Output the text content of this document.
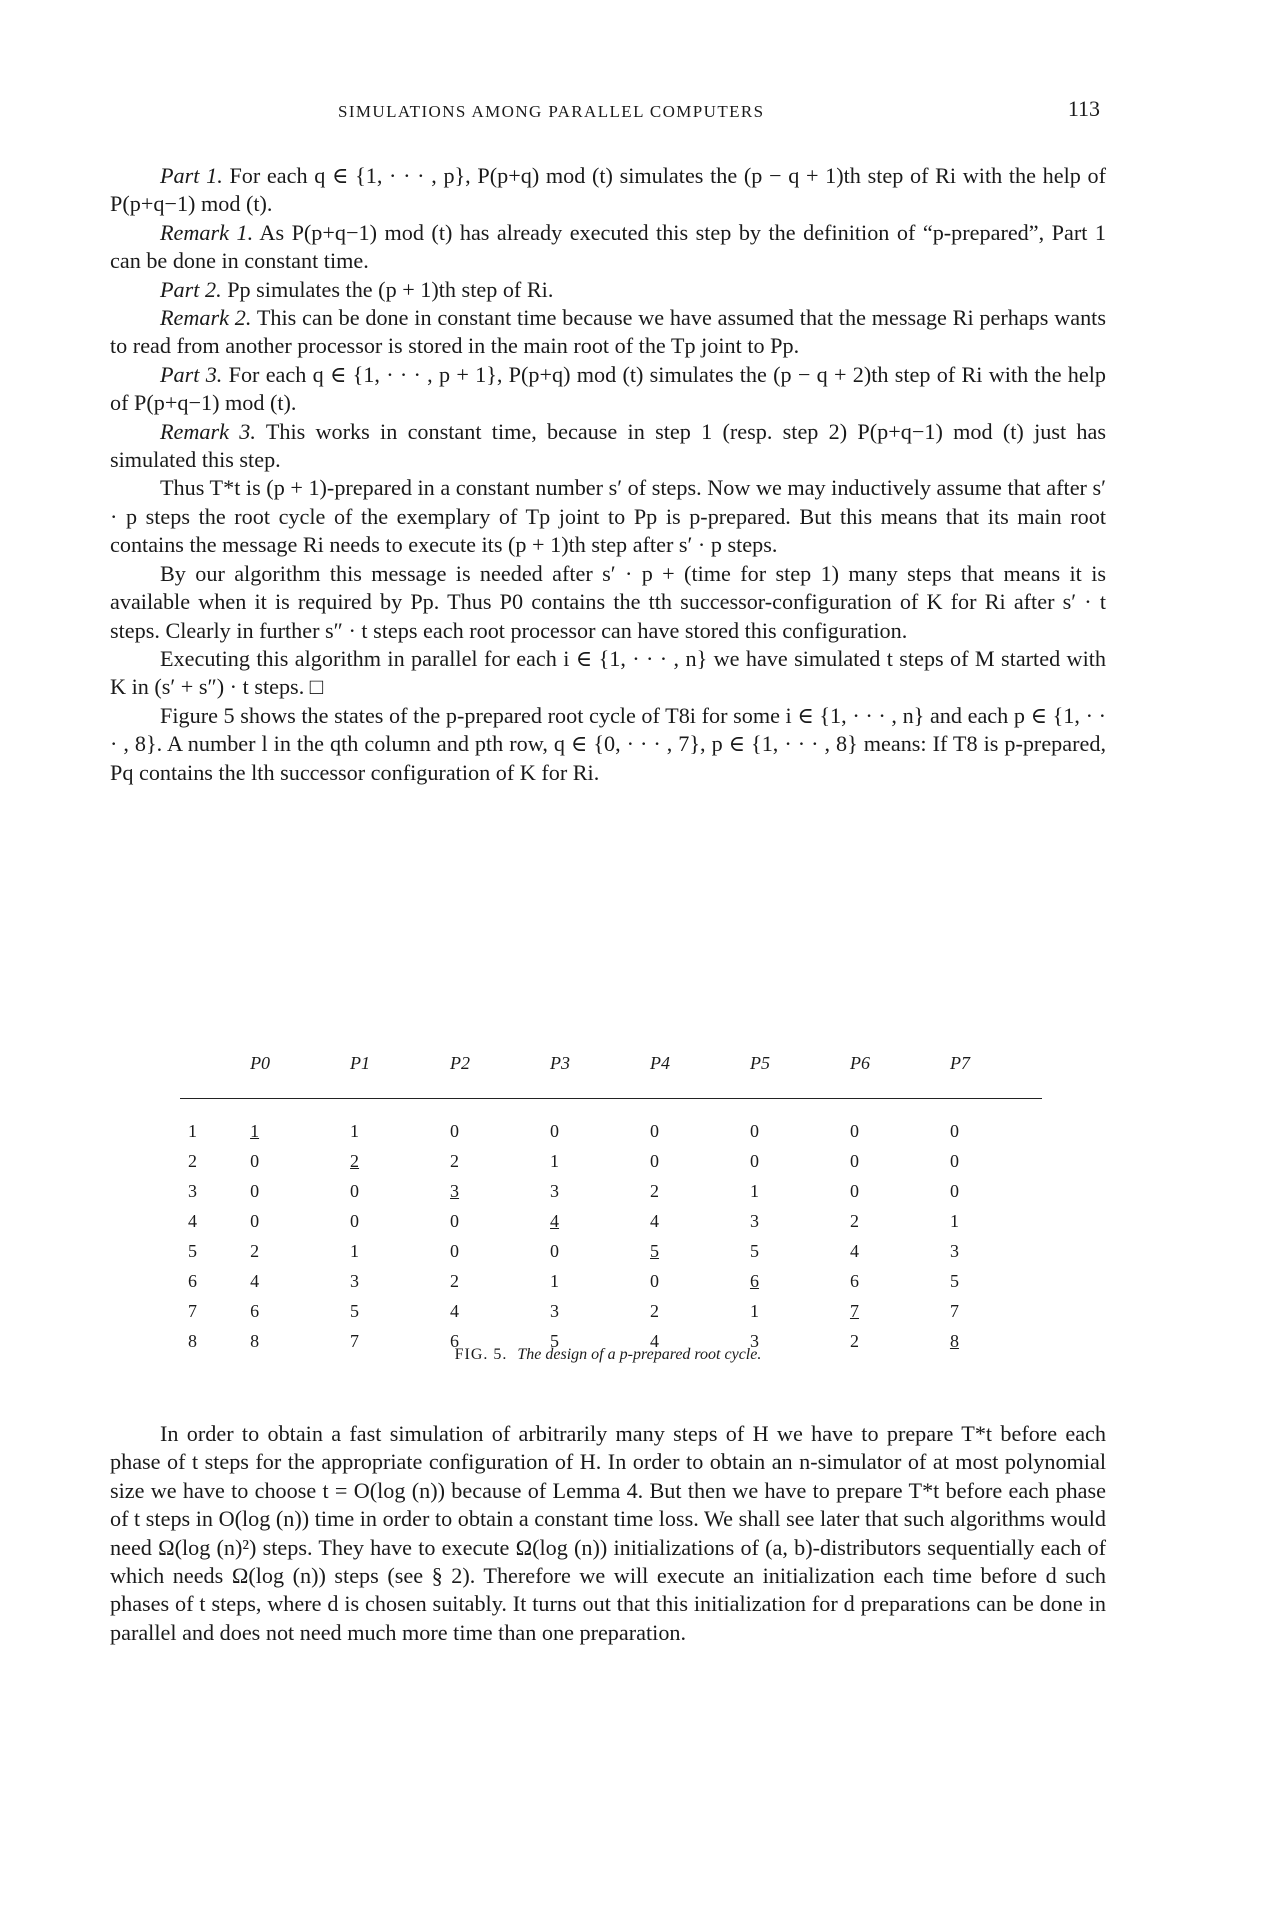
SIMULATIONS AMONG PARALLEL COMPUTERS	113

Part 1. For each q ∈ {1, · · · , p}, P(p+q) mod (t) simulates the (p − q + 1)th step of Ri with the help of P(p+q−1) mod (t).

Remark 1. As P(p+q−1) mod (t) has already executed this step by the definition of “p-prepared”, Part 1 can be done in constant time.

Part 2. Pp simulates the (p + 1)th step of Ri.

Remark 2. This can be done in constant time because we have assumed that the message Ri perhaps wants to read from another processor is stored in the main root of the Tp joint to Pp.

Part 3. For each q ∈ {1, · · · , p + 1}, P(p+q) mod (t) simulates the (p − q + 2)th step of Ri with the help of P(p+q−1) mod (t).

Remark 3. This works in constant time, because in step 1 (resp. step 2) P(p+q−1) mod (t) just has simulated this step.

Thus T*t is (p + 1)-prepared in a constant number s′ of steps. Now we may inductively assume that after s′ · p steps the root cycle of the exemplary of Tp joint to Pp is p-prepared. But this means that its main root contains the message Ri needs to execute its (p + 1)th step after s′ · p steps.

By our algorithm this message is needed after s′ · p + (time for step 1) many steps that means it is available when it is required by Pp. Thus P0 contains the tth successor-configuration of K for Ri after s′ · t steps. Clearly in further s″ · t steps each root processor can have stored this configuration.

Executing this algorithm in parallel for each i ∈ {1, · · · , n} we have simulated t steps of M started with K in (s′ + s″) · t steps. □

Figure 5 shows the states of the p-prepared root cycle of T8i for some i ∈ {1, · · · , n} and each p ∈ {1, · · · , 8}. A number l in the qth column and pth row, q ∈ {0, · · · , 7}, p ∈ {1, · · · , 8} means: If T8 is p-prepared, Pq contains the lth successor configuration of K for Ri.

	P0	P1	P2	P3	P4	P5	P6	P7
1	1	1	0	0	0	0	0	0
2	0	2	2	1	0	0	0	0
3	0	0	3	3	2	1	0	0
4	0	0	0	4	4	3	2	1
5	2	1	0	0	5	5	4	3
6	4	3	2	1	0	6	6	5
7	6	5	4	3	2	1	7	7
8	8	7	6	5	4	3	2	8
FIG. 5. The design of a p-prepared root cycle.

In order to obtain a fast simulation of arbitrarily many steps of H we have to prepare T*t before each phase of t steps for the appropriate configuration of H. In order to obtain an n-simulator of at most polynomial size we have to choose t = O(log (n)) because of Lemma 4. But then we have to prepare T*t before each phase of t steps in O(log (n)) time in order to obtain a constant time loss. We shall see later that such algorithms would need Ω(log (n)²) steps. They have to execute Ω(log (n)) initializations of (a, b)-distributors sequentially each of which needs Ω(log (n)) steps (see § 2). Therefore we will execute an initialization each time before d such phases of t steps, where d is chosen suitably. It turns out that this initialization for d preparations can be done in parallel and does not need much more time than one preparation.
